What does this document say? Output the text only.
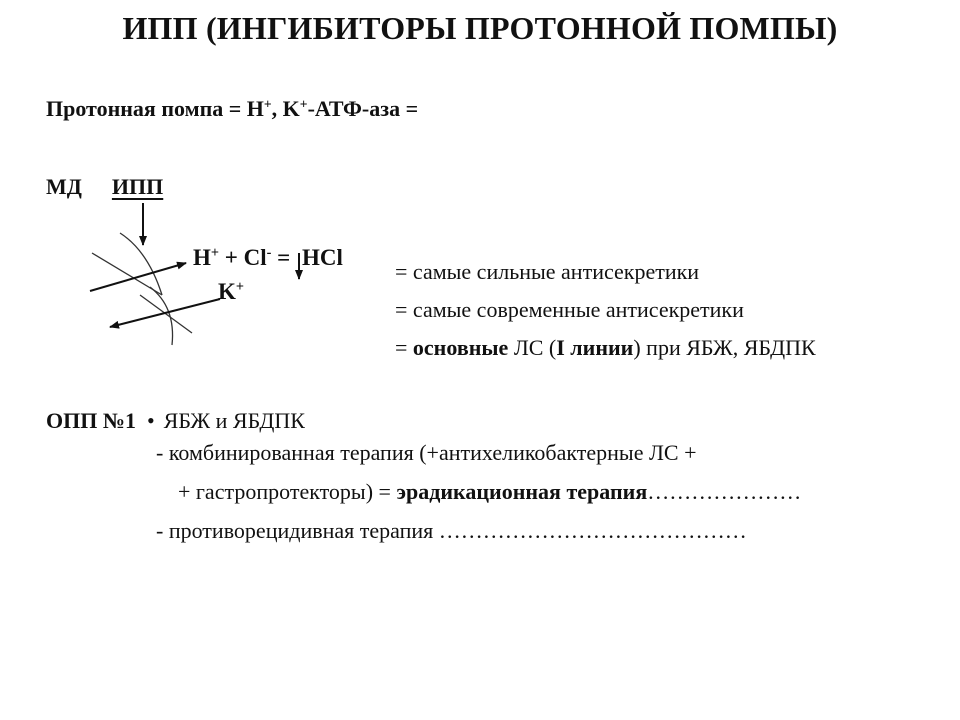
ИПП (ИНГИБИТОРЫ ПРОТОННОЙ ПОМПЫ)
Протонная помпа = H+, K+-АТФ-аза =
МД ИПП
H+ + Cl- = HCl
K+
= самые сильные антисекретики
= самые современные антисекретики
= основные ЛС (I линии) при ЯБЖ, ЯБДПК
ОПП №1 • ЯБЖ и ЯБДПК
- комбинированная терапия (+антихеликобактерные ЛС +
+ гастропротекторы) = эрадикационная терапия…………………
- противорецидивная терапия ……………………………………
